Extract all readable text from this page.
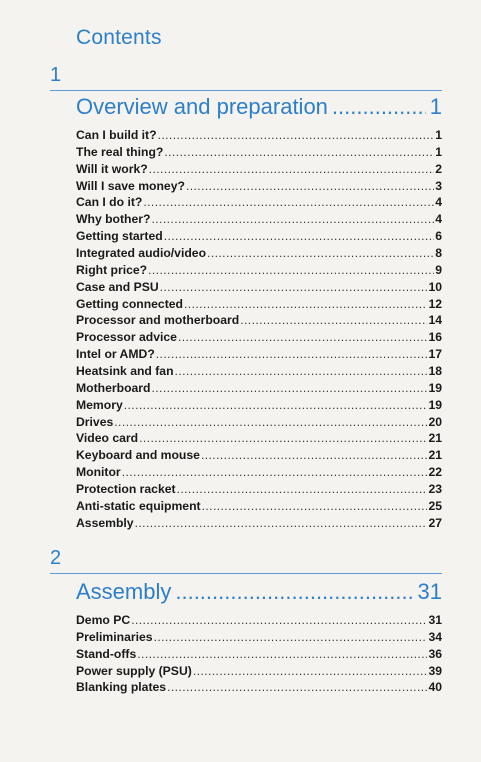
Contents
1
Overview and preparation .....	1
Can I build it? .....	1
The real thing? .....	1
Will it work? .....	2
Will I save money? .....	3
Can I do it? .....	4
Why bother? .....	4
Getting started .....	6
Integrated audio/video .....	8
Right price? .....	9
Case and PSU .....	10
Getting connected .....	12
Processor and motherboard .....	14
Processor advice .....	16
Intel or AMD? .....	17
Heatsink and fan .....	18
Motherboard .....	19
Memory .....	19
Drives .....	20
Video card .....	21
Keyboard and mouse .....	21
Monitor .....	22
Protection racket .....	23
Anti-static equipment .....	25
Assembly .....	27
2
Assembly .....	31
Demo PC .....	31
Preliminaries .....	34
Stand-offs .....	36
Power supply (PSU) .....	39
Blanking plates .....	40
